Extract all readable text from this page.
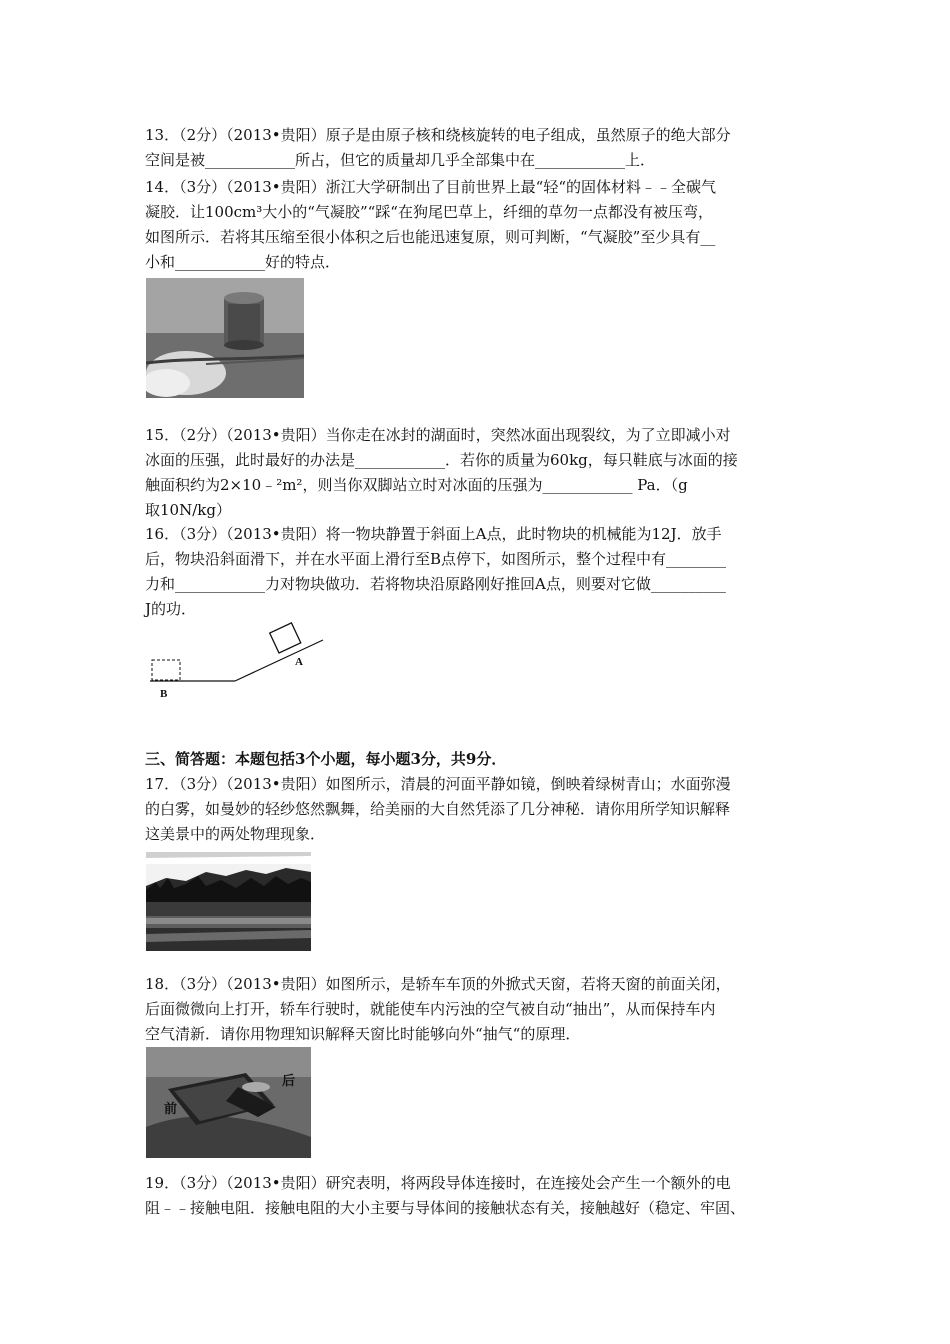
13．（2分）（2013•贵阳）原子是由原子核和绕核旋转的电子组成，虽然原子的绝大部分
空间是被____________所占，但它的质量却几乎全部集中在____________上．
14．（3分）（2013•贵阳）浙江大学研制出了目前世界上最“轻“的固体材料﹣﹣全碳气
凝胶．让100cm³大小的“气凝胶”“踩“在狗尾巴草上，纤细的草勿一点都没有被压弯，
如图所示．若将其压缩至很小体积之后也能迅速复原，则可判断，“气凝胶”至少具有__
小和____________好的特点．
15．（2分）（2013•贵阳）当你走在冰封的湖面时，突然冰面出现裂纹，为了立即减小对
冰面的压强，此时最好的办法是____________．若你的质量为60kg，每只鞋底与冰面的接
触面积约为2×10﹣²m²，则当你双脚站立时对冰面的压强为____________ Pa．（g
取10N/kg）
16．（3分）（2013•贵阳）将一物块静置于斜面上A点，此时物块的机械能为12J．放手
后，物块沿斜面滑下，并在水平面上滑行至B点停下，如图所示，整个过程中有________
力和____________力对物块做功．若将物块沿原路刚好推回A点，则要对它做__________
J的功．
A
B
三、简答题：本题包括3个小题，每小题3分，共9分．
17．（3分）（2013•贵阳）如图所示，清晨的河面平静如镜，倒映着绿树青山；水面弥漫
的白雾，如曼妙的轻纱悠然飘舞，给美丽的大自然凭添了几分神秘．请你用所学知识解释
这美景中的两处物理现象．
18．（3分）（2013•贵阳）如图所示，是轿车车顶的外掀式天窗，若将天窗的前面关闭，
后面微微向上打开，轿车行驶时，就能使车内污浊的空气被自动“抽出”，从而保持车内
空气清新．请你用物理知识解释天窗比时能够向外“抽气“的原理．
前
后
19．（3分）（2013•贵阳）研究表明，将两段导体连接时，在连接处会产生一个额外的电
阻﹣﹣接触电阻．接触电阻的大小主要与导体间的接触状态有关，接触越好（稳定、牢固、
